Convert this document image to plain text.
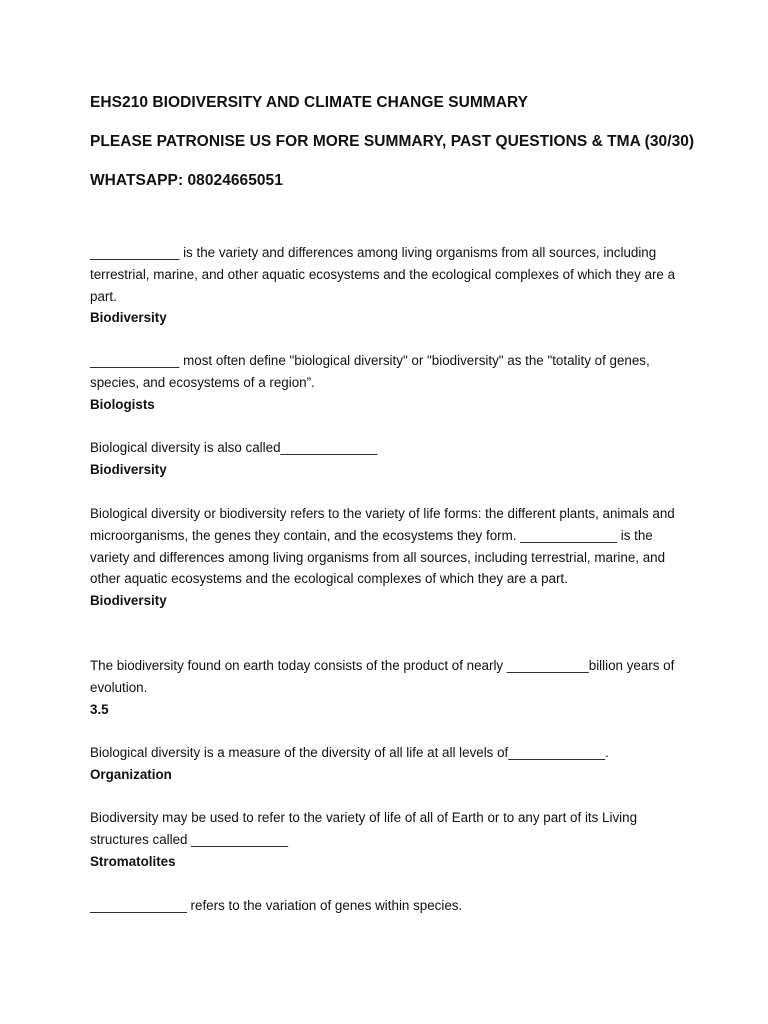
EHS210 BIODIVERSITY AND CLIMATE CHANGE SUMMARY
PLEASE PATRONISE US FOR MORE SUMMARY, PAST QUESTIONS & TMA (30/30)
WHATSAPP: 08024665051

____________ is the variety and differences among living organisms from all sources, including terrestrial, marine, and other aquatic ecosystems and the ecological complexes of which they are a part.

Biodiversity

____________ most often define "biological diversity" or "biodiversity" as the "totality of genes, species, and ecosystems of a region”.

Biologists

Biological diversity is also called_____________

Biodiversity

Biological diversity or biodiversity refers to the variety of life forms: the different plants, animals and microorganisms, the genes they contain, and the ecosystems they form. _____________ is the variety and differences among living organisms from all sources, including terrestrial, marine, and other aquatic ecosystems and the ecological complexes of which they are a part.

Biodiversity

The biodiversity found on earth today consists of the product of nearly ___________billion years of evolution.

3.5

Biological diversity is a measure of the diversity of all life at all levels of_____________.

Organization

Biodiversity may be used to refer to the variety of life of all of Earth or to any part of its Living structures called _____________

Stromatolites

_____________ refers to the variation of genes within species.
